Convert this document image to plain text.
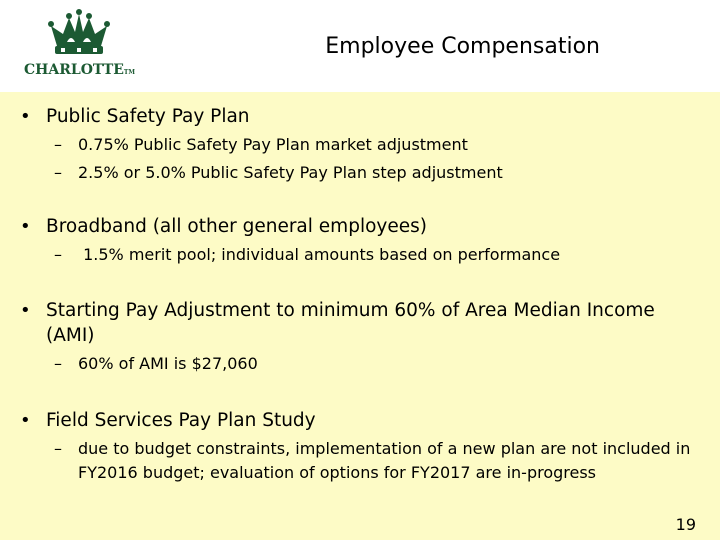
CHARLOTTETM
Employee Compensation
• Public Safety Pay Plan
– 0.75% Public Safety Pay Plan market adjustment
– 2.5% or 5.0% Public Safety Pay Plan step adjustment
• Broadband (all other general employees)
– 1.5% merit pool; individual amounts based on performance
• Starting Pay Adjustment to minimum 60% of Area Median Income (AMI)
– 60% of AMI is $27,060
• Field Services Pay Plan Study
– due to budget constraints, implementation of a new plan are not included in FY2016 budget; evaluation of options for FY2017 are in-progress
19
